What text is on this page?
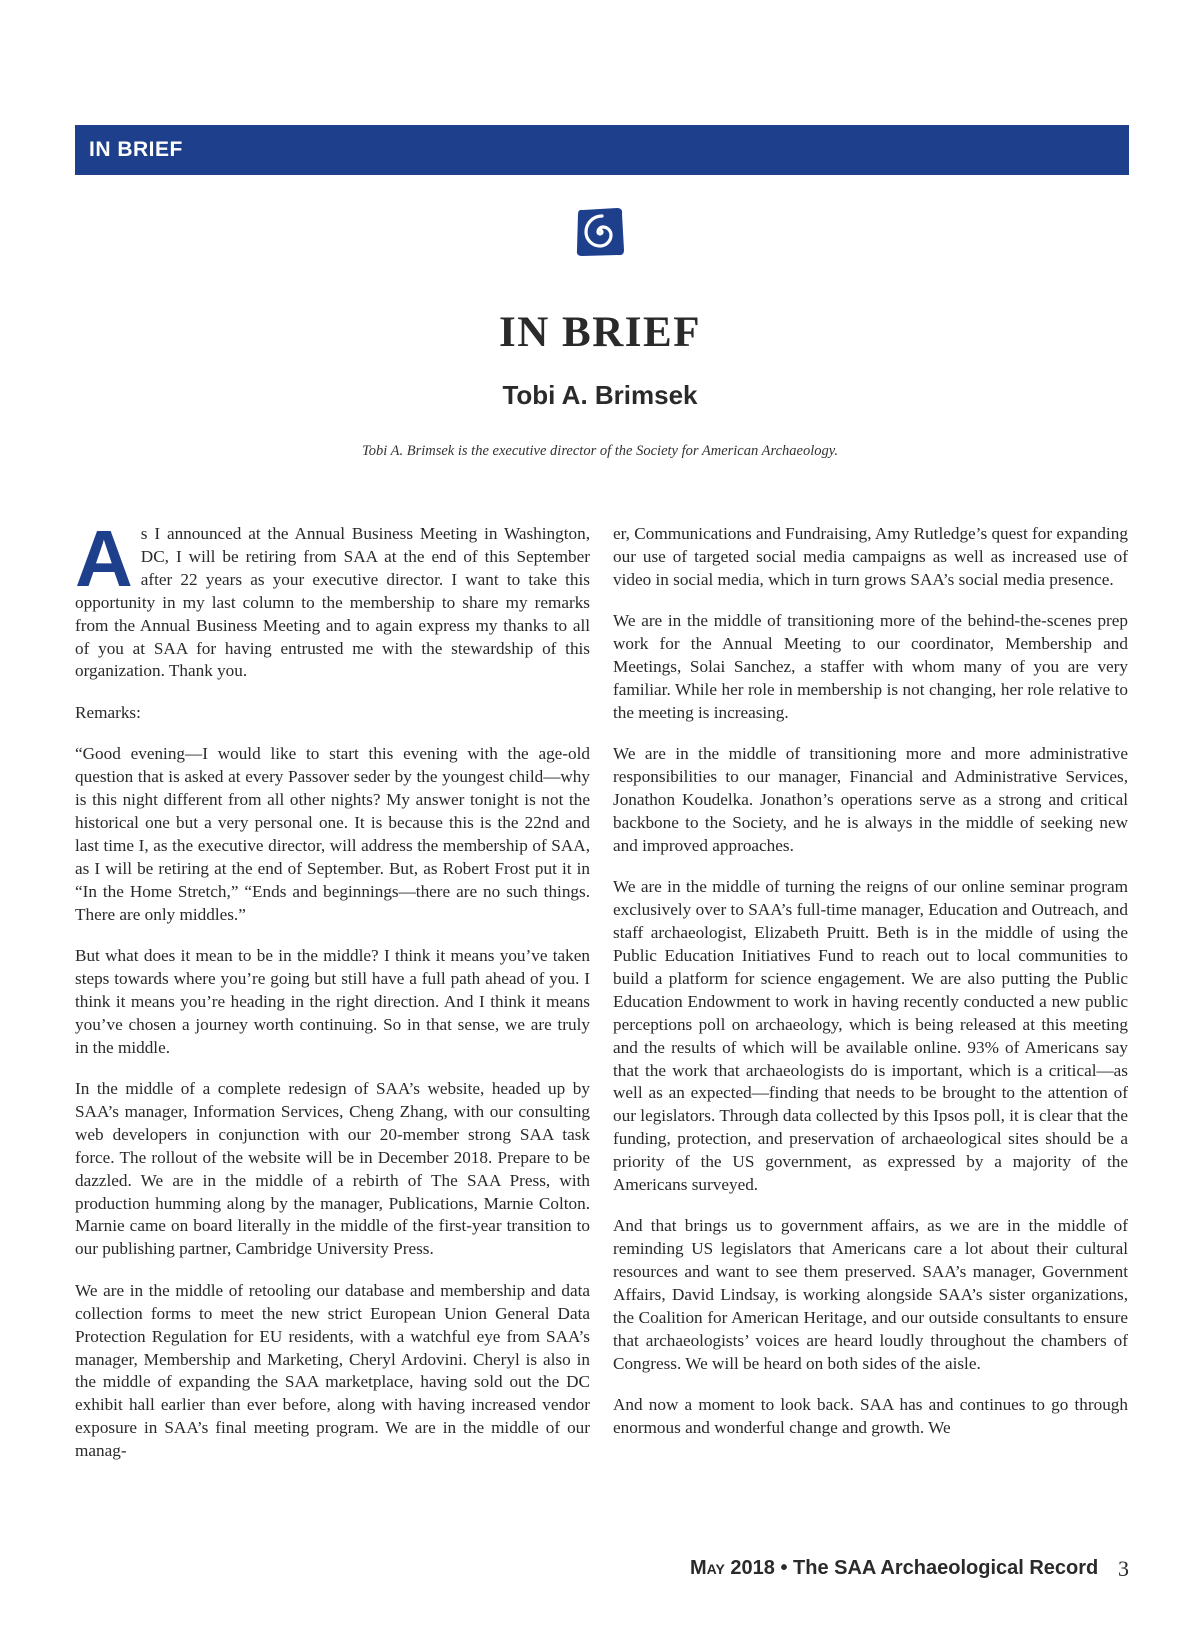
IN BRIEF
IN BRIEF
Tobi A. Brimsek
Tobi A. Brimsek is the executive director of the Society for American Archaeology.

As I announced at the Annual Business Meeting in Washington, DC, I will be retiring from SAA at the end of this September after 22 years as your executive director. I want to take this opportunity in my last column to the membership to share my remarks from the Annual Business Meeting and to again express my thanks to all of you at SAA for having entrusted me with the stewardship of this organization. Thank you.

Remarks:

“Good evening—I would like to start this evening with the age-old question that is asked at every Passover seder by the youngest child—why is this night different from all other nights? My answer tonight is not the historical one but a very personal one. It is because this is the 22nd and last time I, as the executive director, will address the membership of SAA, as I will be retiring at the end of September. But, as Robert Frost put it in “In the Home Stretch,” “Ends and beginnings—there are no such things. There are only middles.”

But what does it mean to be in the middle? I think it means you’ve taken steps towards where you’re going but still have a full path ahead of you. I think it means you’re heading in the right direction. And I think it means you’ve chosen a journey worth continuing. So in that sense, we are truly in the middle.

In the middle of a complete redesign of SAA’s website, headed up by SAA’s manager, Information Services, Cheng Zhang, with our consulting web developers in conjunction with our 20-member strong SAA task force. The rollout of the website will be in December 2018. Prepare to be dazzled. We are in the middle of a rebirth of The SAA Press, with production humming along by the manager, Publications, Marnie Colton. Marnie came on board literally in the middle of the first-year transition to our publishing partner, Cambridge University Press.

We are in the middle of retooling our database and membership and data collection forms to meet the new strict European Union General Data Protection Regulation for EU residents, with a watchful eye from SAA’s manager, Membership and Marketing, Cheryl Ardovini. Cheryl is also in the middle of expanding the SAA marketplace, having sold out the DC exhibit hall earlier than ever before, along with having increased vendor exposure in SAA’s final meeting program. We are in the middle of our manag-

er, Communications and Fundraising, Amy Rutledge’s quest for expanding our use of targeted social media campaigns as well as increased use of video in social media, which in turn grows SAA’s social media presence.

We are in the middle of transitioning more of the behind-the-scenes prep work for the Annual Meeting to our coordinator, Membership and Meetings, Solai Sanchez, a staffer with whom many of you are very familiar. While her role in membership is not changing, her role relative to the meeting is increasing.

We are in the middle of transitioning more and more administrative responsibilities to our manager, Financial and Administrative Services, Jonathon Koudelka. Jonathon’s operations serve as a strong and critical backbone to the Society, and he is always in the middle of seeking new and improved approaches.

We are in the middle of turning the reigns of our online seminar program exclusively over to SAA’s full-time manager, Education and Outreach, and staff archaeologist, Elizabeth Pruitt. Beth is in the middle of using the Public Education Initiatives Fund to reach out to local communities to build a platform for science engagement. We are also putting the Public Education Endowment to work in having recently conducted a new public perceptions poll on archaeology, which is being released at this meeting and the results of which will be available online. 93% of Americans say that the work that archaeologists do is important, which is a critical—as well as an expected—finding that needs to be brought to the attention of our legislators. Through data collected by this Ipsos poll, it is clear that the funding, protection, and preservation of archaeological sites should be a priority of the US government, as expressed by a majority of the Americans surveyed.

And that brings us to government affairs, as we are in the middle of reminding US legislators that Americans care a lot about their cultural resources and want to see them preserved. SAA’s manager, Government Affairs, David Lindsay, is working alongside SAA’s sister organizations, the Coalition for American Heritage, and our outside consultants to ensure that archaeologists’ voices are heard loudly throughout the chambers of Congress. We will be heard on both sides of the aisle.

And now a moment to look back. SAA has and continues to go through enormous and wonderful change and growth. We

May 2018 • The SAA Archaeological Record 3
